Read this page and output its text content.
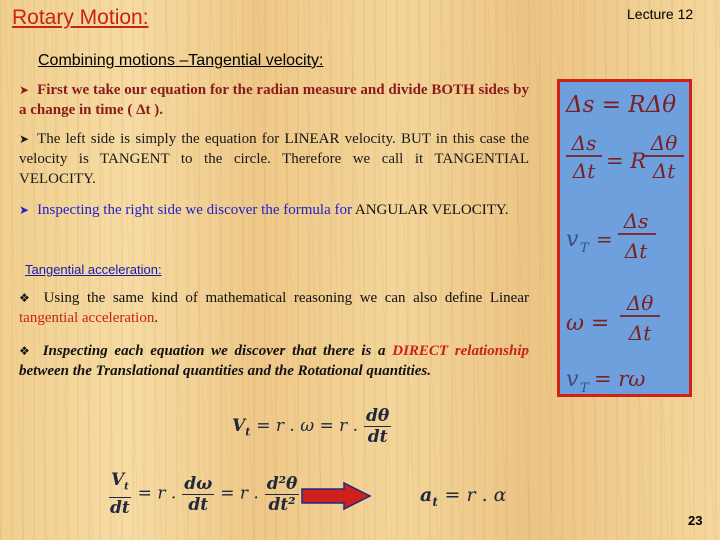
Rotary Motion:	Lecture 12
Combining motions –Tangential velocity:
➤ First we take our equation for the radian measure and divide BOTH sides by a change in time ( Δt ).
➤ The left side is simply the equation for LINEAR velocity. BUT in this case the velocity is TANGENT to the circle. Therefore we call it TANGENTIAL VELOCITY.
➤ Inspecting the right side we discover the formula for ANGULAR VELOCITY.
Tangential acceleration:
❖ Using the same kind of mathematical reasoning we can also define Linear tangential acceleration.
❖ Inspecting each equation we discover that there is a DIRECT relationship between the Translational quantities and the Rotational quantities.
Δs = RΔθ
Δs
Δt = R
Δθ
Δt
v T =
Δs
Δt
ω =
Δθ
Δt
v T = rω
$V_t = r$ . ω = r . $\frac{d\theta}{dt}$
$\frac{V_t}{dt} = r$ . $\frac{d\omega}{dt} = r$ . $\frac{\text{d²θ}}{\text{dt²}}$	$a_t = r$ . α
23
